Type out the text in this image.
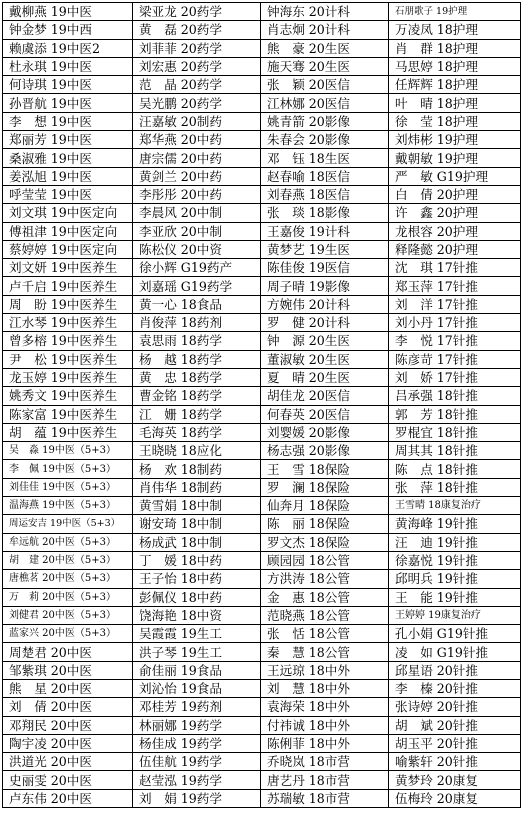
戴柳燕 19中医	梁亚龙 20药学	钟海东 20计科	石朋歌子 19护理
钟金梦 19中西	黄　磊 20药学	肖志炯 20计科	万凌凤 18护理
赖虞添 19中医2	刘菲菲 20药学	熊　豪 20生医	肖　群 18护理
杜永琪 19中医	刘宏惠 20药学	施天骞 20生医	马思婷 18护理
何诗琪 19中医	范　晶 20药学	张　颖 20医信	任辉辉 18护理
孙晋航 19中医	吴光鹏 20药学	江林娜 20医信	叶　晴 18护理
李　想 19中医	汪嘉敏 20制药	姚青箭 20影像	徐　莹 18护理
郑丽芳 19中医	郑华燕 20中药	朱春会 20影像	刘炜彬 19护理
桑淑雅 19中医	唐宗儒 20中药	邓　钰 18生医	戴朝敏 19护理
姜泓旭 19中医	黄剑兰 20中药	赵春喻 18医信	严　敏 G19护理
呼莹莹 19中医	李彤彤 20中药	刘春燕 18医信	白　倩 20护理
刘文琪 19中医定向	李晨风 20中制	张　琰 18影像	许　鑫 20护理
傅祖津 19中医定向	李亚欣 20中制	王嘉俊 19计科	龙根容 20护理
蔡婷婷 19中医定向	陈松仪 20中资	黄梦艺 19生医	释隆懿 20护理
刘文妍 19中医养生	徐小辉 G19药产	陈佳俊 19医信	沈　琪 17针推
卢千启 19中医养生	刘嘉瑶 G19药学	周子晴 19影像	郑玉萍 17针推
周　盼 19中医养生	黄一心 18食品	方婉伟 20计科	刘　洋 17针推
江水琴 19中医养生	肖俊萍 18药剂	罗　健 20计科	刘小丹 17针推
曾多榕 19中医养生	袁思雨 18药学	钟　源 20生医	李　悦 17针推
尹　松 19中医养生	杨　越 18药学	董淑敏 20生医	陈彦苛 17针推
龙玉婷 19中医养生	黄　忠 18药学	夏　晴 20生医	刘　娇 17针推
姚秀文 19中医养生	曹金铭 18药学	胡佳龙 20医信	吕承强 18针推
陈家富 19中医养生	江　姗 18药学	何春英 20医信	郭　芳 18针推
胡　蕴 19中医养生	毛海英 18药学	刘婴媛 20影像	罗棍宜 18针推
吴　淼 19中医（5+3）	王晓晓 18应化	杨志强 20影像	周其其 18针推
李　佩 19中医（5+3）	杨　欢 18制药	王　雪 18保险	陈　点 18针推
刘佳佳 19中医（5+3）	肖伟华 18制药	罗　澜 18保险	张　萍 18针推
温海燕 19中医（5+3）	黄雪娟 18中制	仙奔月 18保险	王雪晴 18康复治疗
周运安吉 19中医（5+3）	谢安琦 18中制	陈　丽 18保险	黄海峰 19针推
牟远航 20中医（5+3）	杨成武 18中制	罗文杰 18保险	汪　迪 19针推
胡　建 20中医（5+3）	丁　媛 18中药	顾园园 18公管	徐嘉悦 19针推
唐樵茗 20中医（5+3）	王子怡 18中药	方洪涛 18公管	邱明兵 19针推
万　莉 20中医（5+3）	彭佩仪 18中药	金　惠 18公管	王　能 19针推
刘健君 20中医（5+3）	饶海艳 18中资	范晓燕 18公管	王婷婷 19康复治疗
蓝家兴 20中医（5+3）	吴霞霞 19生工	张　恬 18公管	孔小娟 G19针推
周楚君 20中医	洪子琴 19生工	秦　慧 18公管	凌　如 G19针推
邹紫琪 20中医	俞佳丽 19食品	王远琼 18中外	邱星语 20针推
熊　星 20中医	刘沁怡 19食品	刘　慧 18中外	李　榛 20针推
刘　倩 20中医	邓桂芳 19药剂	袁海荣 18中外	张诗婷 20针推
邓翔民 20中医	林丽娜 19药学	付祎诚 18中外	胡　斌 20针推
陶宇凌 20中医	杨佳成 19药学	陈俐菲 18中外	胡玉平 20针推
洪道光 20中医	伍佳航 19药学	乔晓岚 18市营	喻紫轩 20针推
史丽雯 20中医	赵莹泓 19药学	唐艺丹 18市营	黄梦玲 20康复
卢东伟 20中医	刘　娟 19药学	苏瑞敏 18市营	伍梅玲 20康复
